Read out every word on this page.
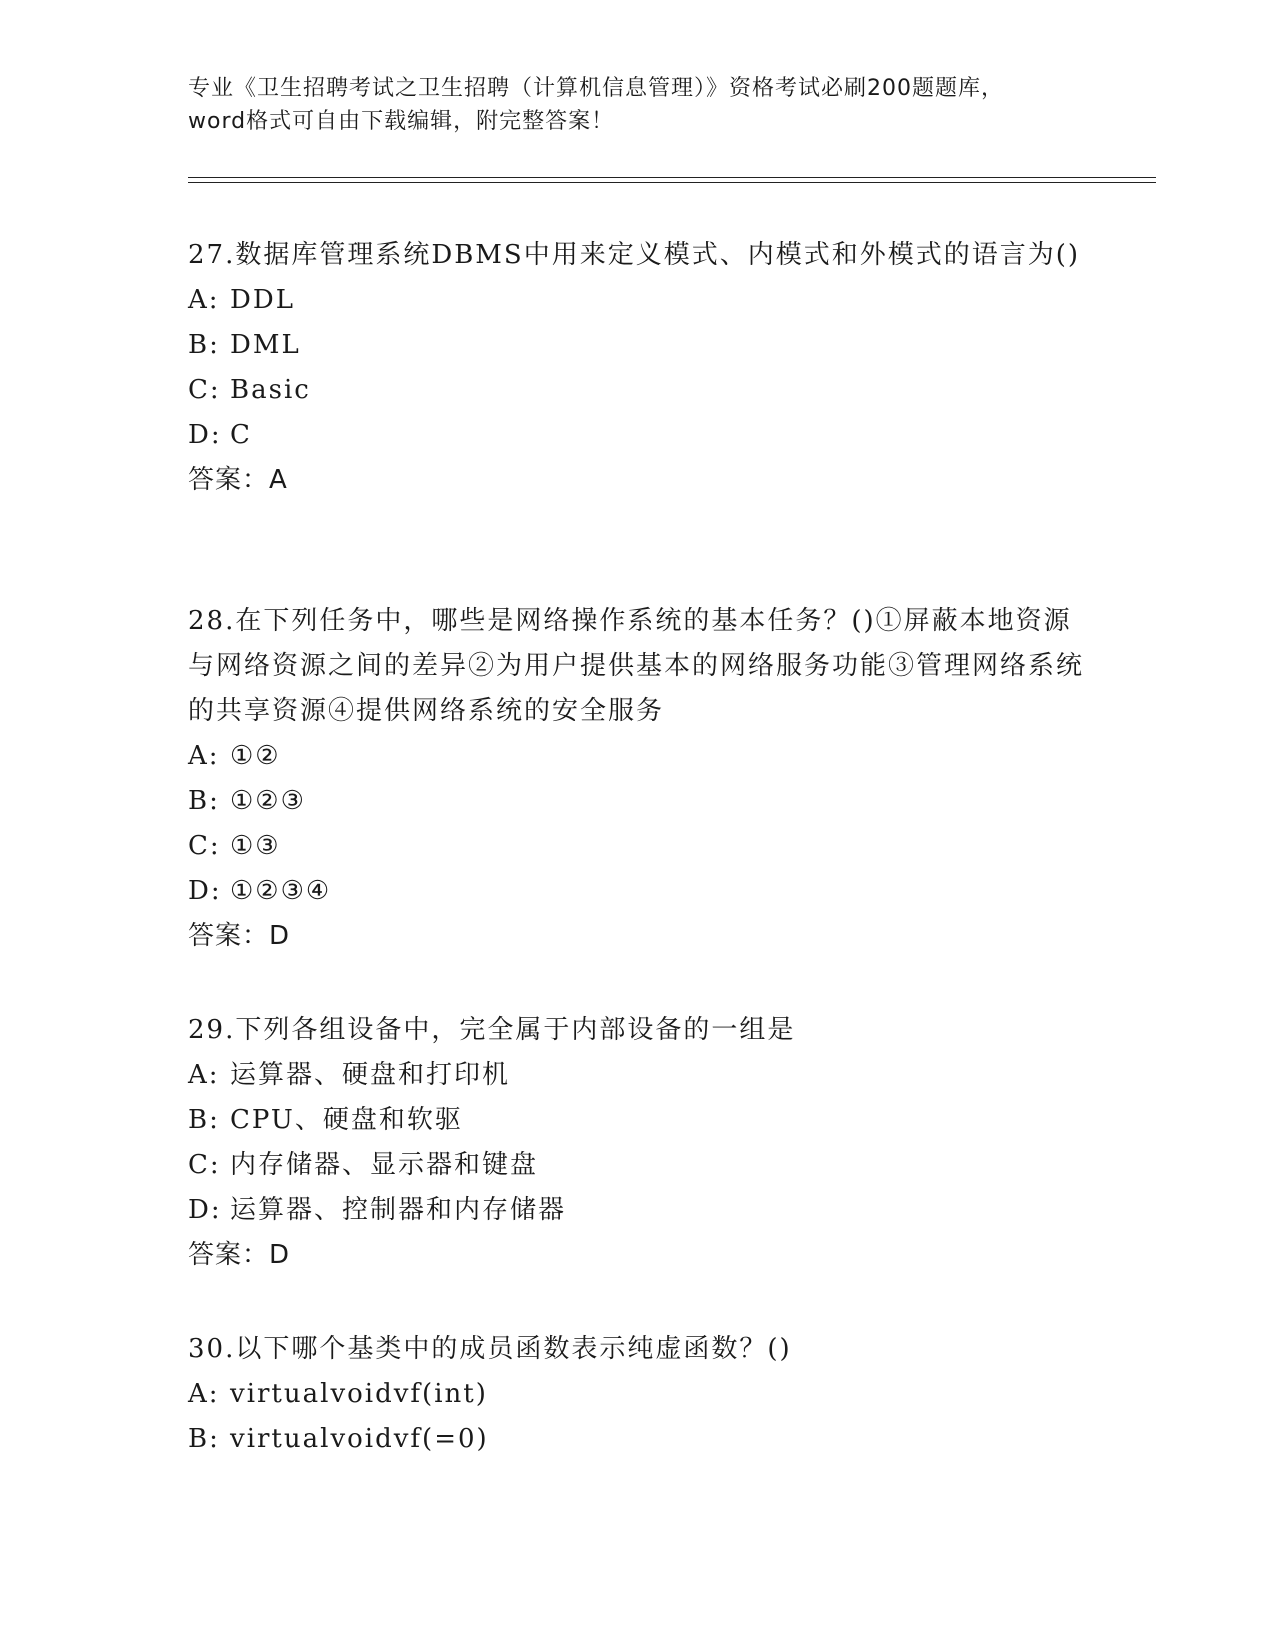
专业《卫生招聘考试之卫生招聘（计算机信息管理）》资格考试必刷200题题库，
word格式可自由下载编辑，附完整答案！
27.数据库管理系统DBMS中用来定义模式、内模式和外模式的语言为()
A: DDL
B: DML
C: Basic
D: C
答案：A
28.在下列任务中，哪些是网络操作系统的基本任务？()①屏蔽本地资源与网络资源之间的差异②为用户提供基本的网络服务功能③管理网络系统的共享资源④提供网络系统的安全服务
A: ①②
B: ①②③
C: ①③
D: ①②③④
答案：D
29.下列各组设备中，完全属于内部设备的一组是
A: 运算器、硬盘和打印机
B: CPU、硬盘和软驱
C: 内存储器、显示器和键盘
D: 运算器、控制器和内存储器
答案：D
30.以下哪个基类中的成员函数表示纯虚函数？()
A: virtualvoidvf(int)
B: virtualvoidvf(=0)
